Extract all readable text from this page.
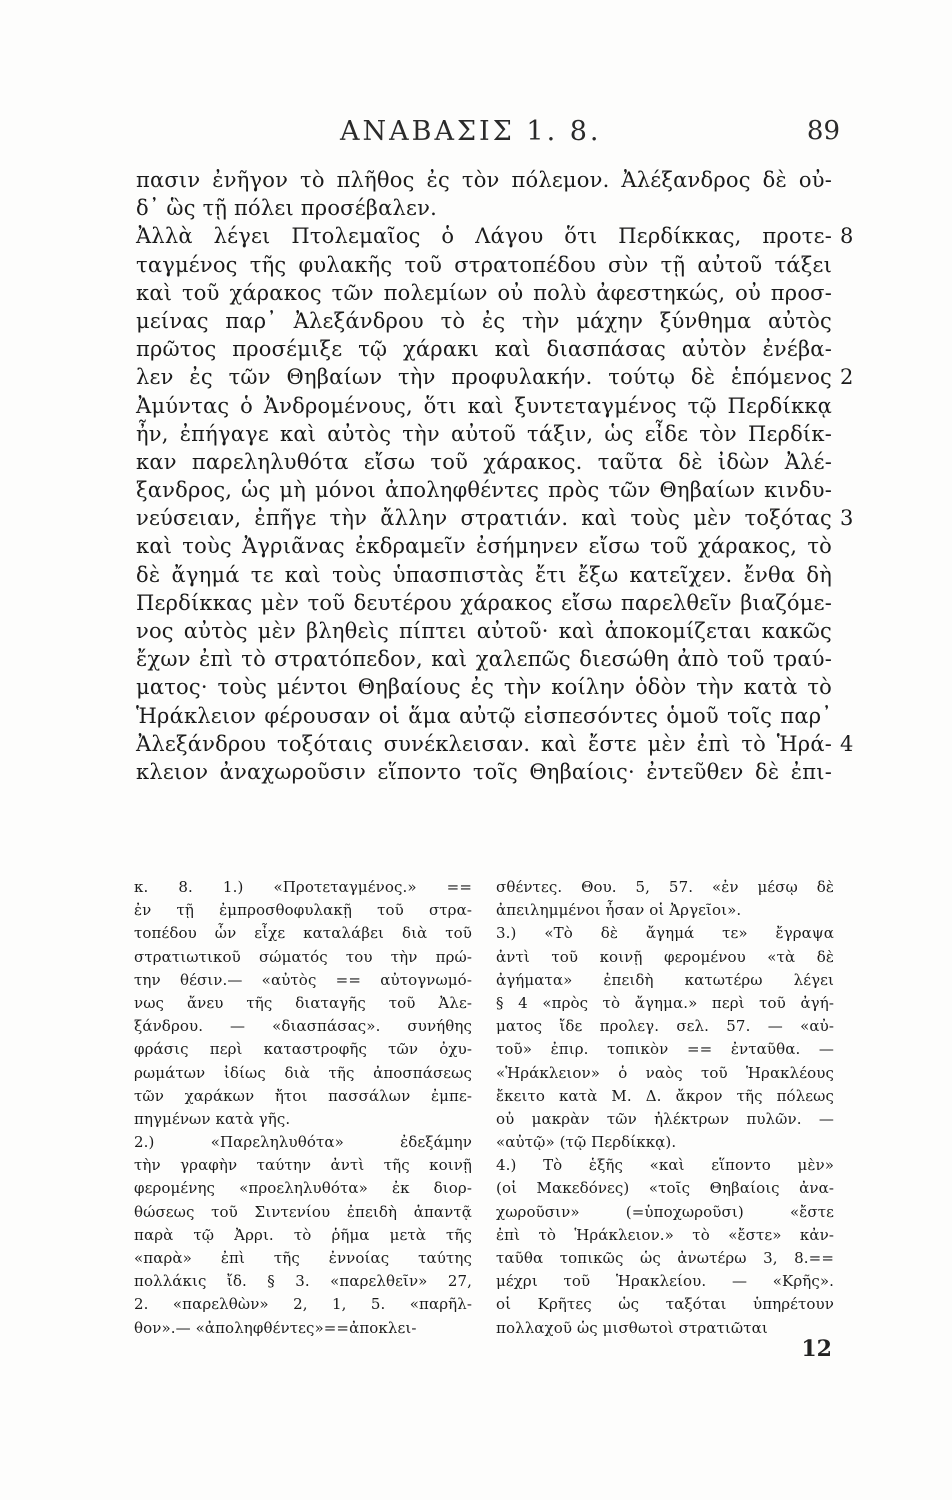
ΑΝΑΒΑΣΙΣ 1. 8.	89
πασιν ἐνῆγον τὸ πλῆθος ἐς τὸν πόλεμον. Ἀλέξανδρος δὲ οὐ-
δ᾽ ὣς τῇ πόλει προσέβαλεν.
Ἀλλὰ λέγει Πτολεμαῖος ὁ Λάγου ὅτι Περδίκκας, προτε- 8
ταγμένος τῆς φυλακῆς τοῦ στρατοπέδου σὺν τῇ αὐτοῦ τάξει
καὶ τοῦ χάρακος τῶν πολεμίων οὐ πολὺ ἀφεστηκώς, οὐ προσ-
μείνας παρ᾽ Ἀλεξάνδρου τὸ ἐς τὴν μάχην ξύνθημα αὐτὸς
πρῶτος προσέμιξε τῷ χάρακι καὶ διασπάσας αὐτὸν ἐνέβα-
λεν ἐς τῶν Θηβαίων τὴν προφυλακήν. τούτῳ δὲ ἑπόμενος 2
Ἀμύντας ὁ Ἀνδρομένους, ὅτι καὶ ξυντεταγμένος τῷ Περδίκκᾳ
ἦν, ἐπήγαγε καὶ αὐτὸς τὴν αὐτοῦ τάξιν, ὡς εἶδε τὸν Περδίκ-
καν παρεληλυθότα εἴσω τοῦ χάρακος. ταῦτα δὲ ἰδὼν Ἀλέ-
ξανδρος, ὡς μὴ μόνοι ἀποληφθέντες πρὸς τῶν Θηβαίων κινδυ-
νεύσειαν, ἐπῆγε τὴν ἄλλην στρατιάν. καὶ τοὺς μὲν τοξότας 3
καὶ τοὺς Ἀγριᾶνας ἐκδραμεῖν ἐσήμηνεν εἴσω τοῦ χάρακος, τὸ
δὲ ἄγημά τε καὶ τοὺς ὑπασπιστὰς ἔτι ἔξω κατεῖχεν. ἔνθα δὴ
Περδίκκας μὲν τοῦ δευτέρου χάρακος εἴσω παρελθεῖν βιαζόμε-
νος αὐτὸς μὲν βληθεὶς πίπτει αὐτοῦ· καὶ ἀποκομίζεται κακῶς
ἔχων ἐπὶ τὸ στρατόπεδον, καὶ χαλεπῶς διεσώθη ἀπὸ τοῦ τραύ-
ματος· τοὺς μέντοι Θηβαίους ἐς τὴν κοίλην ὁδὸν τὴν κατὰ τὸ
Ἡράκλειον φέρουσαν οἱ ἅμα αὐτῷ εἰσπεσόντες ὁμοῦ τοῖς παρ᾽
Ἀλεξάνδρου τοξόταις συνέκλεισαν. καὶ ἔστε μὲν ἐπὶ τὸ Ἡρά- 4
κλειον ἀναχωροῦσιν εἵποντο τοῖς Θηβαίοις· ἐντεῦθεν δὲ ἐπι-
κ. 8. 1.) «Προτεταγμένος.» ==
ἐν τῇ ἐμπροσθοφυλακῇ τοῦ στρα-
τοπέδου ὧν εἶχε καταλάβει διὰ τοῦ
στρατιωτικοῦ σώματός του τὴν πρώ-
την θέσιν.— «αὐτὸς == αὐτογνωμό-
νως ἄνευ τῆς διαταγῆς τοῦ Ἀλε-
ξάνδρου. — «διασπάσας». συνήθης
φράσις περὶ καταστροφῆς τῶν ὀχυ-
ρωμάτων ἰδίως διὰ τῆς ἀποσπάσεως
τῶν χαράκων ἤτοι πασσάλων ἐμπε-
πηγμένων κατὰ γῆς.
2.) «Παρεληλυθότα» ἐδεξάμην
τὴν γραφὴν ταύτην ἀντὶ τῆς κοινῇ
φερομένης «προεληλυθότα» ἐκ διορ-
θώσεως τοῦ Σιντενίου ἐπειδὴ ἁπαντᾷ
παρὰ τῷ Ἀρρι. τὸ ῥῆμα μετὰ τῆς
«παρὰ» ἐπὶ τῆς ἐννοίας ταύτης
πολλάκις ἴδ. § 3. «παρελθεῖν» 27,
2. «παρελθὼν» 2, 1, 5. «παρῆλ-
θον».— «ἀποληφθέντες»==ἀποκλει-
σθέντες. Θου. 5, 57. «ἐν μέσῳ δὲ
ἀπειλημμένοι ἦσαν οἱ Ἀργεῖοι».
3.) «Τὸ δὲ ἄγημά τε» ἔγραψα
ἀντὶ τοῦ κοινῇ φερομένου «τὰ δὲ
ἀγήματα» ἐπειδὴ κατωτέρω λέγει
§ 4 «πρὸς τὸ ἄγημα.» περὶ τοῦ ἀγή-
ματος ἴδε προλεγ. σελ. 57. — «αὐ-
τοῦ» ἐπιρ. τοπικὸν == ἐνταῦθα. —
«Ἡράκλειον» ὁ ναὸς τοῦ Ἡρακλέους
ἔκειτο κατὰ Μ. Δ. ἄκρον τῆς πόλεως
οὐ μακρὰν τῶν ἠλέκτρων πυλῶν. —
«αὐτῷ» (τῷ Περδίκκᾳ).
4.) Τὸ ἑξῆς «καὶ εἵποντο μὲν»
(οἱ Μακεδόνες) «τοῖς Θηβαίοις ἀνα-
χωροῦσιν» (=ὑποχωροῦσι) «ἔστε
ἐπὶ τὸ Ἡράκλειον.» τὸ «ἔστε» κἀν-
ταῦθα τοπικῶς ὡς ἀνωτέρω 3, 8.==
μέχρι τοῦ Ἡρακλείου. — «Κρῆς».
οἱ Κρῆτες ὡς ταξόται ὑπηρέτουν
πολλαχοῦ ὡς μισθωτοὶ στρατιῶται
12
